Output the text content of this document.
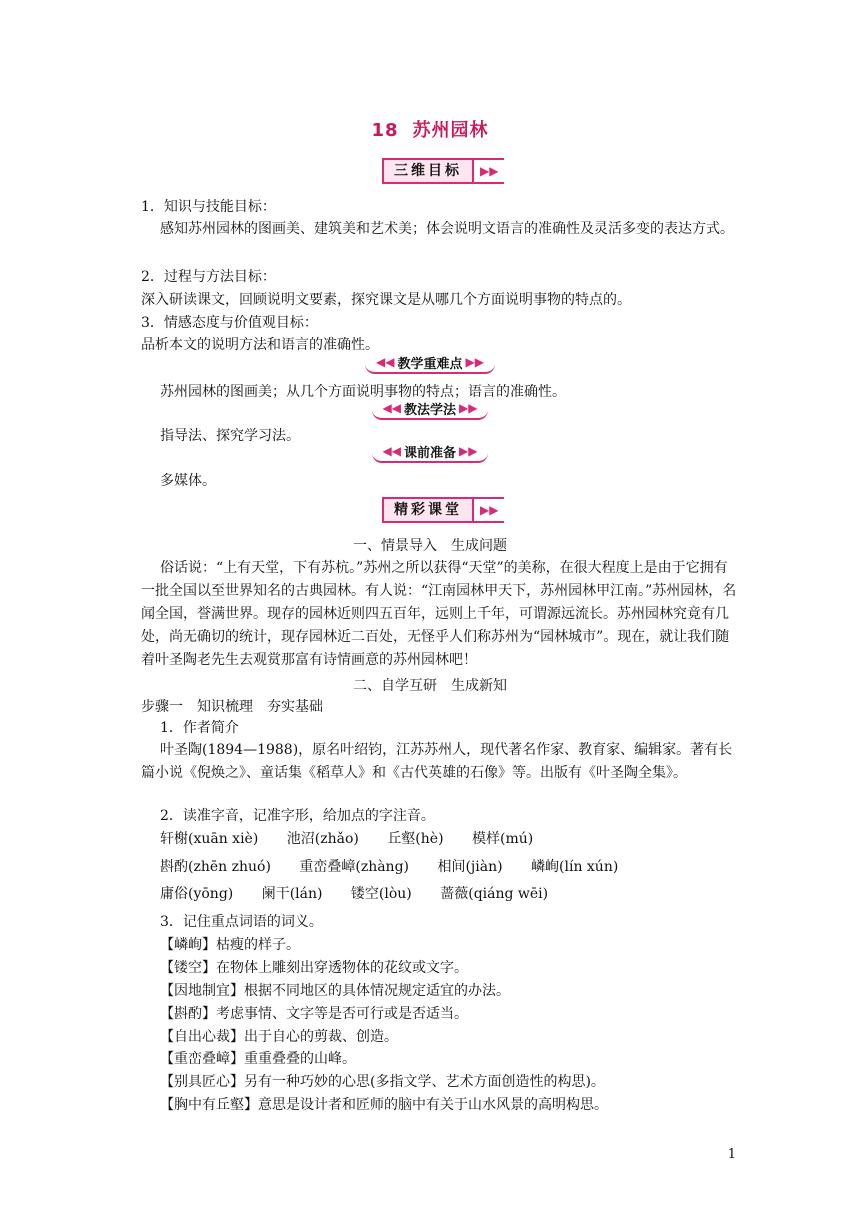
18 苏州园林
三维目标	▶▶
1．知识与技能目标：
感知苏州园林的图画美、建筑美和艺术美；体会说明文语言的准确性及灵活多变的表达方式。
2．过程与方法目标：
深入研读课文，回顾说明文要素，探究课文是从哪几个方面说明事物的特点的。
3．情感态度与价值观目标：
品析本文的说明方法和语言的准确性。
◀◀ 教学重难点 ▶▶
苏州园林的图画美；从几个方面说明事物的特点；语言的准确性。
◀◀ 教法学法 ▶▶
指导法、探究学习法。
◀◀ 课前准备 ▶▶
多媒体。
精彩课堂	▶▶
一、情景导入　生成问题
俗话说：“上有天堂，下有苏杭。”苏州之所以获得“天堂”的美称，在很大程度上是由于它拥有一批全国以至世界知名的古典园林。有人说：“江南园林甲天下，苏州园林甲江南。”苏州园林，名闻全国，誉满世界。现存的园林近则四五百年，远则上千年，可谓源远流长。苏州园林究竟有几处，尚无确切的统计，现存园林近二百处，无怪乎人们称苏州为“园林城市”。现在，就让我们随着叶圣陶老先生去观赏那富有诗情画意的苏州园林吧！
二、自学互研　生成新知
步骤一　知识梳理　夯实基础
1．作者简介
叶圣陶(1894—1988)，原名叶绍钧，江苏苏州人，现代著名作家、教育家、编辑家。著有长篇小说《倪焕之》、童话集《稻草人》和《古代英雄的石像》等。出版有《叶圣陶全集》。
2．读准字音，记准字形，给加点的字注音。
轩榭(xuān xiè) 池沼(zhǎo) 丘壑(hè) 模样(mú)
斟酌(zhēn zhuó) 重峦叠嶂(zhàng) 相间(jiàn) 嶙峋(lín xún)
庸俗(yōng) 阑干(lán) 镂空(lòu) 蔷薇(qiáng wēi)
3．记住重点词语的词义。
【嶙峋】枯瘦的样子。
【镂空】在物体上雕刻出穿透物体的花纹或文字。
【因地制宜】根据不同地区的具体情况规定适宜的办法。
【斟酌】考虑事情、文字等是否可行或是否适当。
【自出心裁】出于自心的剪裁、创造。
【重峦叠嶂】重重叠叠的山峰。
【别具匠心】另有一种巧妙的心思(多指文学、艺术方面创造性的构思)。
【胸中有丘壑】意思是设计者和匠师的脑中有关于山水风景的高明构思。
1
